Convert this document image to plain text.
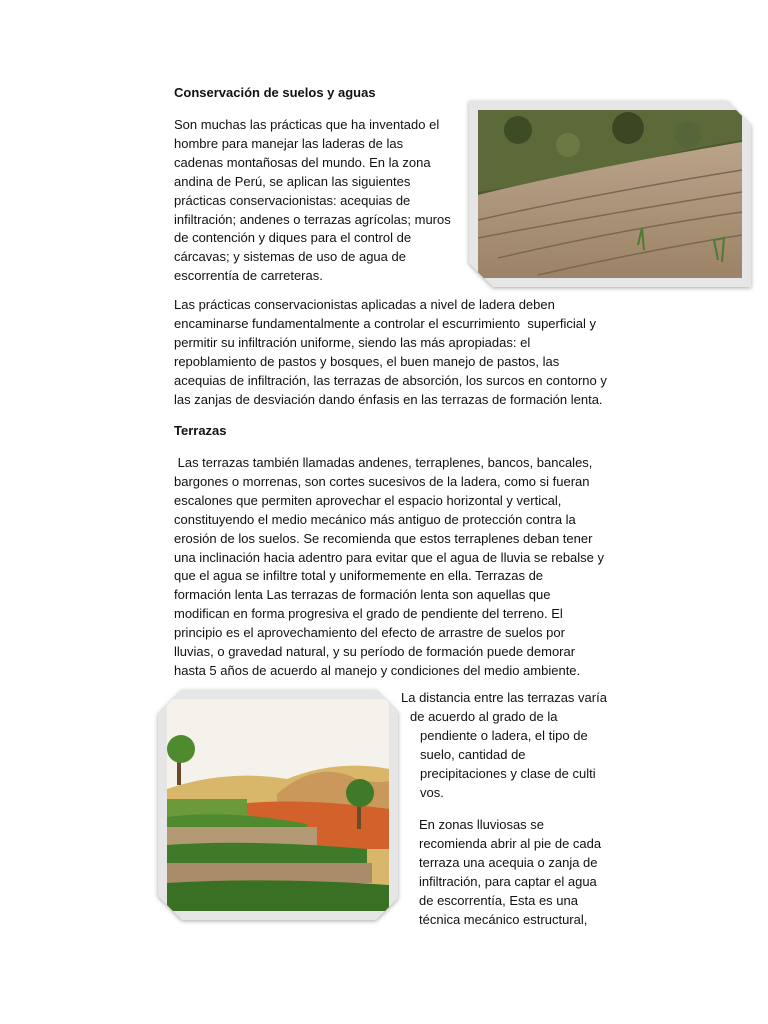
Conservación de suelos y aguas
Son muchas las prácticas que ha inventado el
hombre para manejar las laderas de las
cadenas montañosas del mundo. En la zona
andina de Perú, se aplican las siguientes
prácticas conservacionistas: acequias de
infiltración; andenes o terrazas agrícolas; muros
de contención y diques para el control de
cárcavas; y sistemas de uso de agua de
escorrentía de carreteras.
Las prácticas conservacionistas aplicadas a nivel de ladera deben
encaminarse fundamentalmente a controlar el escurrimiento  superficial y
permitir su infiltración uniforme, siendo las más apropiadas: el
repoblamiento de pastos y bosques, el buen manejo de pastos, las
acequias de infiltración, las terrazas de absorción, los surcos en contorno y
las zanjas de desviación dando énfasis en las terrazas de formación lenta.
Terrazas
Las terrazas también llamadas andenes, terraplenes, bancos, bancales,
bargones o morrenas, son cortes sucesivos de la ladera, como si fueran
escalones que permiten aprovechar el espacio horizontal y vertical,
constituyendo el medio mecánico más antiguo de protección contra la
erosión de los suelos. Se recomienda que estos terraplenes deban tener
una inclinación hacia adentro para evitar que el agua de lluvia se rebalse y
que el agua se infiltre total y uniformemente en ella. Terrazas de
formación lenta Las terrazas de formación lenta son aquellas que
modifican en forma progresiva el grado de pendiente del terreno. El
principio es el aprovechamiento del efecto de arrastre de suelos por
lluvias, o gravedad natural, y su período de formación puede demorar
hasta 5 años de acuerdo al manejo y condiciones del medio ambiente.
La distancia entre las terrazas varía
de acuerdo al grado de la
pendiente o ladera, el tipo de
suelo, cantidad de
precipitaciones y clase de culti
vos.
En zonas lluviosas se
recomienda abrir al pie de cada
terraza una acequia o zanja de
infiltración, para captar el agua
de escorrentía, Esta es una
técnica mecánico estructural,
